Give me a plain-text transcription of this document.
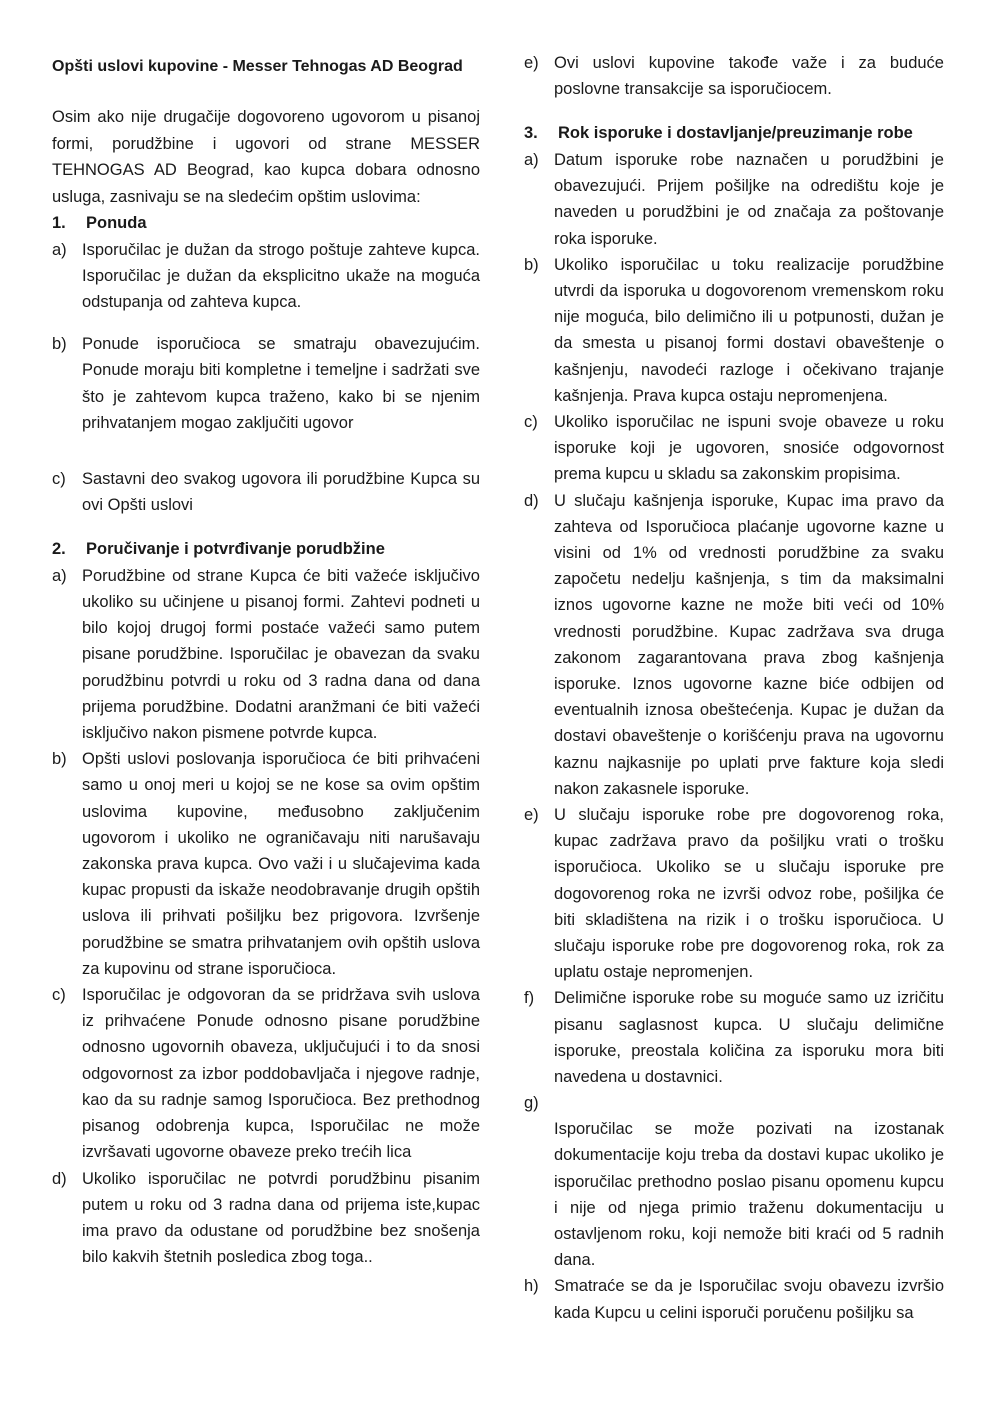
Opšti uslovi kupovine - Messer Tehnogas AD Beograd

Osim ako nije drugačije dogovoreno ugovorom u pisanoj formi, porudžbine i ugovori od strane MESSER TEHNOGAS AD Beograd, kao kupca dobara odnosno usluga, zasnivaju se na sledećim opštim uslovima:

1.	Ponuda
a) Isporučilac je dužan da strogo poštuje zahteve kupca. Isporučilac je dužan da eksplicitno ukaže na moguća odstupanja od zahteva kupca.
b) Ponude isporučioca se smatraju obavezujućim. Ponude moraju biti kompletne i temeljne i sadržati sve što je zahtevom kupca traženo, kako bi se njenim prihvatanjem mogao zaključiti ugovor
c) Sastavni deo svakog ugovora ili porudžbine Kupca su ovi Opšti uslovi
2.	Poručivanje i potvrđivanje porudbžine
a) Porudžbine od strane Kupca će biti važeće isključivo ukoliko su učinjene u pisanoj formi. Zahtevi podneti u bilo kojoj drugoj formi postaće važeći samo putem pisane porudžbine. Isporučilac je obavezan da svaku porudžbinu potvrdi u roku od 3 radna dana od dana prijema porudžbine. Dodatni aranžmani će biti važeći isključivo nakon pismene potvrde kupca.
b) Opšti uslovi poslovanja isporučioca će biti prihvaćeni samo u onoj meri u kojoj se ne kose sa ovim opštim uslovima kupovine, međusobno zaključenim ugovorom i ukoliko ne ograničavaju niti narušavaju zakonska prava kupca. Ovo važi i u slučajevima kada kupac propusti da iskaže neodobravanje drugih opštih uslova ili prihvati pošiljku bez prigovora. Izvršenje porudžbine se smatra prihvatanjem ovih opštih uslova za kupovinu od strane isporučioca.
c) Isporučilac je odgovoran da se pridržava svih uslova iz prihvaćene Ponude odnosno pisane porudžbine odnosno ugovornih obaveza, uključujući i to da snosi odgovornost za izbor poddobavljača i njegove radnje, kao da su radnje samog Isporučioca. Bez prethodnog pisanog odobrenja kupca, Isporučilac ne može izvršavati ugovorne obaveze preko trećih lica
d) Ukoliko isporučilac ne potvrdi porudžbinu pisanim putem u roku od 3 radna dana od prijema iste,kupac ima pravo da odustane od porudžbine bez snošenja bilo kakvih štetnih posledica zbog toga..
e) Ovi uslovi kupovine takođe važe i za buduće poslovne transakcije sa isporučiocem.
3.	Rok isporuke i dostavljanje/preuzimanje robe
a) Datum isporuke robe naznačen u porudžbini je obavezujući. Prijem pošiljke na odredištu koje je naveden u porudžbini je od značaja za poštovanje roka isporuke.
b) Ukoliko isporučilac u toku realizacije porudžbine utvrdi da isporuka u dogovorenom vremenskom roku nije moguća, bilo delimično ili u potpunosti, dužan je da smesta u pisanoj formi dostavi obaveštenje o kašnjenju, navodeći razloge i očekivano trajanje kašnjenja. Prava kupca ostaju nepromenjena.
c) Ukoliko isporučilac ne ispuni svoje obaveze u roku isporuke koji je ugovoren, snosiće odgovornost prema kupcu u skladu sa zakonskim propisima.
d) U slučaju kašnjenja isporuke, Kupac ima pravo da zahteva od Isporučioca plaćanje ugovorne kazne u visini od 1% od vrednosti porudžbine za svaku započetu nedelju kašnjenja, s tim da maksimalni iznos ugovorne kazne ne može biti veći od 10% vrednosti porudžbine. Kupac zadržava sva druga zakonom zagarantovana prava zbog kašnjenja isporuke. Iznos ugovorne kazne biće odbijen od eventualnih iznosa obeštećenja. Kupac je dužan da dostavi obaveštenje o korišćenju prava na ugovornu kaznu najkasnije po uplati prve fakture koja sledi nakon zakasnele isporuke.
e) U slučaju isporuke robe pre dogovorenog roka, kupac zadržava pravo da pošiljku vrati o trošku isporučioca. Ukoliko se u slučaju isporuke pre dogovorenog roka ne izvrši odvoz robe, pošiljka će biti skladištena na rizik i o trošku isporučioca. U slučaju isporuke robe pre dogovorenog roka, rok za uplatu ostaje nepromenjen.
f)	Delimične isporuke robe su moguće samo uz izričitu pisanu saglasnost kupca. U slučaju delimične isporuke, preostala količina za isporuku mora biti navedena u dostavnici.
g)
Isporučilac se može pozivati na izostanak dokumentacije koju treba da dostavi kupac ukoliko je isporučilac prethodno poslao pisanu opomenu kupcu i nije od njega primio traženu dokumentaciju u ostavljenom roku, koji nemože biti kraći od 5 radnih dana.
h) Smatraće se da je Isporučilac svoju obavezu izvršio kada Kupcu u celini isporuči poručenu pošiljku sa
